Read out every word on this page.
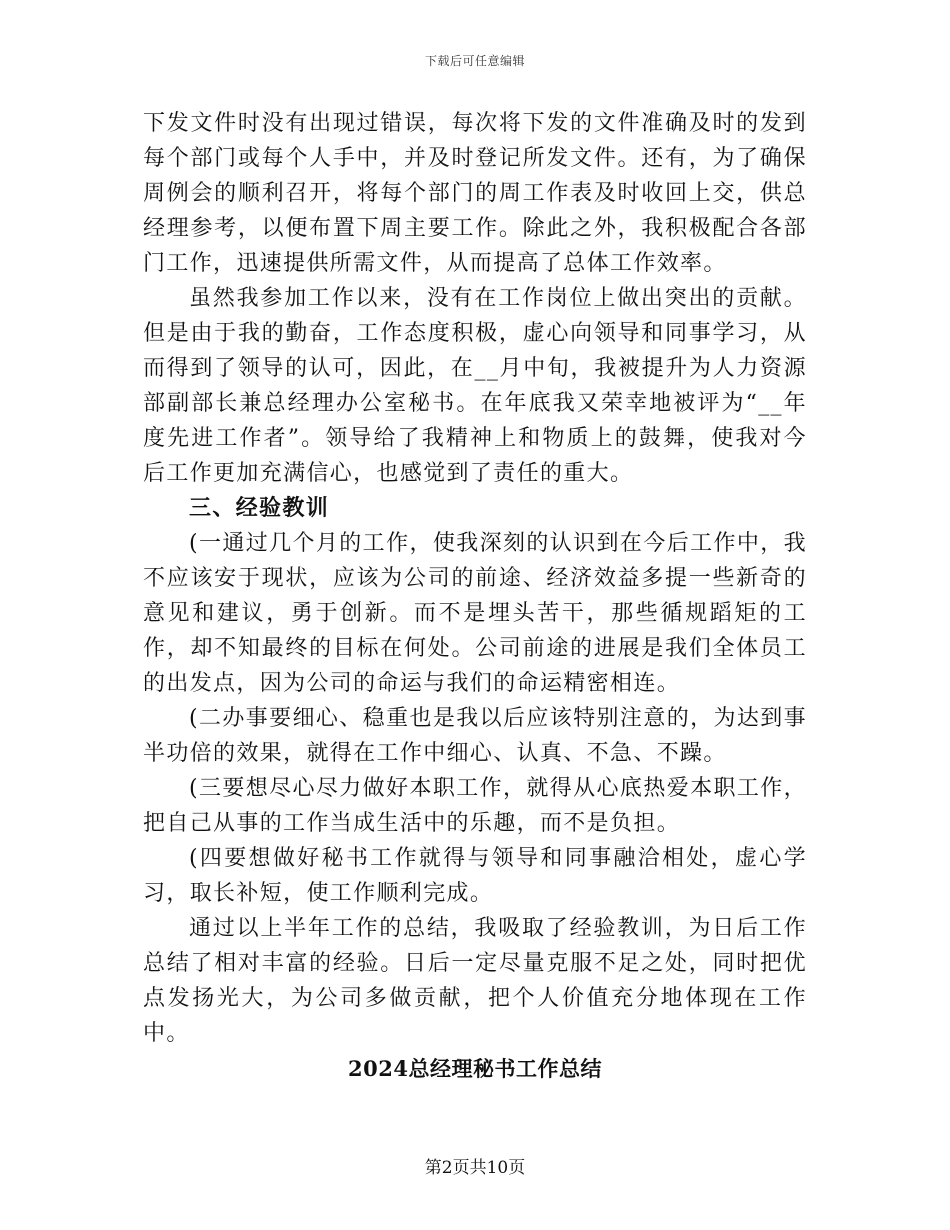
下载后可任意编辑

下发文件时没有出现过错误，每次将下发的文件准确及时的发到每个部门或每个人手中，并及时登记所发文件。还有，为了确保周例会的顺利召开，将每个部门的周工作表及时收回上交，供总经理参考，以便布置下周主要工作。除此之外，我积极配合各部门工作，迅速提供所需文件，从而提高了总体工作效率。

虽然我参加工作以来，没有在工作岗位上做出突出的贡献。但是由于我的勤奋，工作态度积极，虚心向领导和同事学习，从而得到了领导的认可，因此，在__月中旬，我被提升为人力资源部副部长兼总经理办公室秘书。在年底我又荣幸地被评为“__年度先进工作者”。领导给了我精神上和物质上的鼓舞，使我对今后工作更加充满信心，也感觉到了责任的重大。

三、经验教训

(一通过几个月的工作，使我深刻的认识到在今后工作中，我不应该安于现状，应该为公司的前途、经济效益多提一些新奇的意见和建议，勇于创新。而不是埋头苦干，那些循规蹈矩的工作，却不知最终的目标在何处。公司前途的进展是我们全体员工的出发点，因为公司的命运与我们的命运精密相连。

(二办事要细心、稳重也是我以后应该特别注意的，为达到事半功倍的效果，就得在工作中细心、认真、不急、不躁。

(三要想尽心尽力做好本职工作，就得从心底热爱本职工作，把自己从事的工作当成生活中的乐趣，而不是负担。

(四要想做好秘书工作就得与领导和同事融洽相处，虚心学习，取长补短，使工作顺利完成。

通过以上半年工作的总结，我吸取了经验教训，为日后工作总结了相对丰富的经验。日后一定尽量克服不足之处，同时把优点发扬光大，为公司多做贡献，把个人价值充分地体现在工作中。

2024总经理秘书工作总结

第2页共10页
